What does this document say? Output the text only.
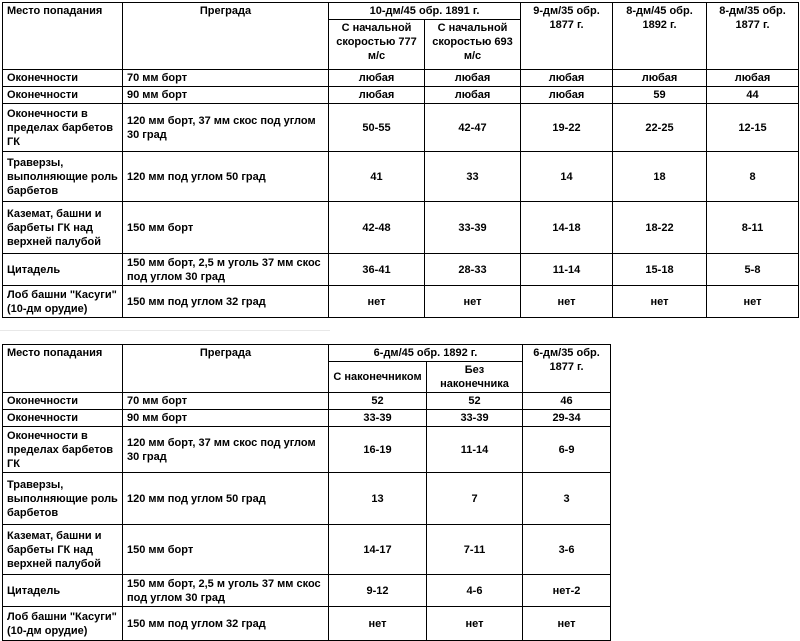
Место попадания	Преграда	10-дм/45 обр. 1891 г.		9-дм/35 обр. 1877 г.	8-дм/45 обр. 1892 г.	8-дм/35 обр. 1877 г.
		С начальной скоростью 777 м/с	С начальной скоростью 693 м/с			
Оконечности	70 мм борт	любая	любая	любая	любая	любая
Оконечности	90 мм борт	любая	любая	любая	59	44
Оконечности в пределах барбетов ГК	120 мм борт, 37 мм скос под углом 30 град	50-55	42-47	19-22	22-25	12-15
Траверзы, выполняющие роль барбетов	120 мм под углом 50 град	41	33	14	18	8
Каземат, башни и барбеты ГК над верхней палубой	150 мм борт	42-48	33-39	14-18	18-22	8-11
Цитадель	150 мм борт, 2,5 м уголь 37 мм скос под углом 30 град	36-41	28-33	11-14	15-18	5-8
Лоб башни "Касуги" (10-дм орудие)	150 мм под углом 32 град	нет	нет	нет	нет	нет
Место попадания	Преграда	6-дм/45 обр. 1892 г.		6-дм/35 обр. 1877 г.
		С наконечником	Без наконечника	
Оконечности	70 мм борт	52	52	46
Оконечности	90 мм борт	33-39	33-39	29-34
Оконечности в пределах барбетов ГК	120 мм борт, 37 мм скос под углом 30 град	16-19	11-14	6-9
Траверзы, выполняющие роль барбетов	120 мм под углом 50 град	13	7	3
Каземат, башни и барбеты ГК над верхней палубой	150 мм борт	14-17	7-11	3-6
Цитадель	150 мм борт, 2,5 м уголь 37 мм скос под углом 30 град	9-12	4-6	нет-2
Лоб башни "Касуги" (10-дм орудие)	150 мм под углом 32 град	нет	нет	нет
